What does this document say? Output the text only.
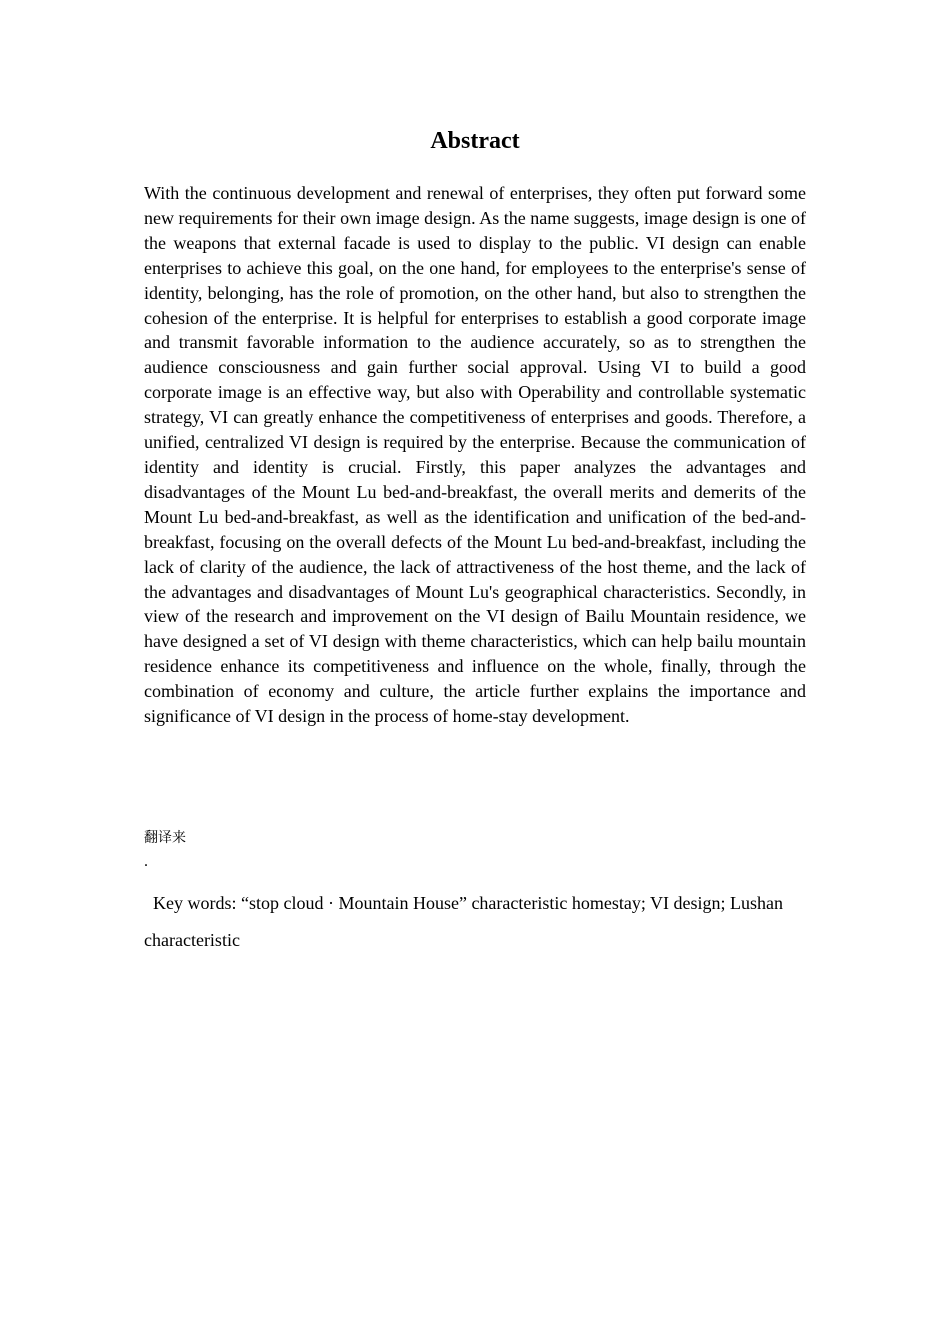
Abstract

With the continuous development and renewal of enterprises, they often put forward some new requirements for their own image design. As the name suggests, image design is one of the weapons that external facade is used to display to the public. VI design can enable enterprises to achieve this goal, on the one hand, for employees to the enterprise's sense of identity, belonging, has the role of promotion, on the other hand, but also to strengthen the cohesion of the enterprise. It is helpful for enterprises to establish a good corporate image and transmit favorable information to the audience accurately, so as to strengthen the audience consciousness and gain further social approval. Using VI to build a good corporate image is an effective way, but also with Operability and controllable systematic strategy, VI can greatly enhance the competitiveness of enterprises and goods. Therefore, a unified, centralized VI design is required by the enterprise. Because the communication of identity and identity is crucial. Firstly, this paper analyzes the advantages and disadvantages of the Mount Lu bed-and-breakfast, the overall merits and demerits of the Mount Lu bed-and-breakfast, as well as the identification and unification of the bed-and-breakfast, focusing on the overall defects of the Mount Lu bed-and-breakfast, including the lack of clarity of the audience, the lack of attractiveness of the host theme, and the lack of the advantages and disadvantages of Mount Lu's geographical characteristics. Secondly, in view of the research and improvement on the VI design of Bailu Mountain residence, we have designed a set of VI design with theme characteristics, which can help bailu mountain residence enhance its competitiveness and influence on the whole, finally, through the combination of economy and culture, the article further explains the importance and significance of VI design in the process of home-stay development.

翻译来

.

Key words: “stop cloud · Mountain House” characteristic homestay; VI design; Lushan characteristic
